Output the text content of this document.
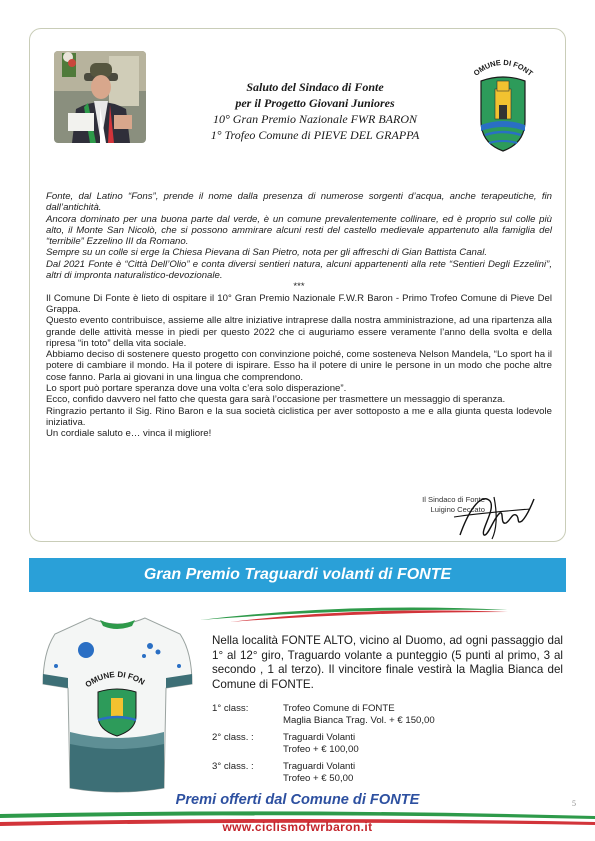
Saluto del Sindaco di Fonte
per il Progetto Giovani Juniores
10° Gran Premio Nazionale FWR BARON
1° Trofeo Comune di PIEVE DEL GRAPPA
OMUNE DI FONT

Fonte, dal Latino “Fons”, prende il nome dalla presenza di numerose sorgenti d’acqua, anche terapeutiche, fin dall’antichità.

Ancora dominato per una buona parte dal verde, è un comune prevalentemente collinare, ed è proprio sul colle più alto, il Monte San Nicolò, che si possono ammirare alcuni resti del castello medievale appartenuto alla famiglia del “terribile” Ezzelino III da Romano.

Sempre su un colle si erge la Chiesa Pievana di San Pietro, nota per gli affreschi di Gian Battista Canal.

Dal 2021 Fonte è “Città Dell’Olio” e conta diversi sentieri natura, alcuni appartenenti alla rete “Sentieri Degli Ezzelini”, altri di impronta naturalistico-devozionale.

***

Il Comune Di Fonte è lieto di ospitare il 10° Gran Premio Nazionale F.W.R Baron - Primo Trofeo Comune di Pieve Del Grappa.

Questo evento contribuisce, assieme alle altre iniziative intraprese dalla nostra amministrazione, ad una ripartenza alla grande delle attività messe in piedi per questo 2022 che ci auguriamo essere veramente l’anno della svolta e della ripresa “in toto” della vita sociale.

Abbiamo deciso di sostenere questo progetto con convinzione poiché, come sosteneva Nelson Mandela, “Lo sport ha il potere di cambiare il mondo. Ha il potere di ispirare. Esso ha il potere di unire le persone in un modo che poche altre cose fanno. Parla ai giovani in una lingua che comprendono.

Lo sport può portare speranza dove una volta c’era solo disperazione”.

Ecco, confido davvero nel fatto che questa gara sarà l’occasione per trasmettere un messaggio di speranza.

Ringrazio pertanto il Sig. Rino Baron e la sua società ciclistica per aver sottoposto a me e alla giunta questa lodevole iniziativa.

Un cordiale saluto e… vinca il migliore!

Il Sindaco di Fonte
Luigino Ceccato
Gran Premio Traguardi volanti di FONTE
OMUNE DI FON
Nella località FONTE ALTO, vicino al Duomo, ad ogni passaggio dal 1° al 12° giro, Traguardo volante a punteggio (5 punti al primo, 3 al secondo , 1 al terzo). Il vincitore finale vestirà la Maglia Bianca del Comune di FONTE.
1° class:	Trofeo Comune di FONTE
Maglia Bianca Trag. Vol. + € 150,00
2° class. :	Traguardi Volanti
Trofeo + € 100,00
3° class. :	Traguardi Volanti
Trofeo + € 50,00
Premi offerti dal Comune di FONTE
www.ciclismofwrbaron.it
5
